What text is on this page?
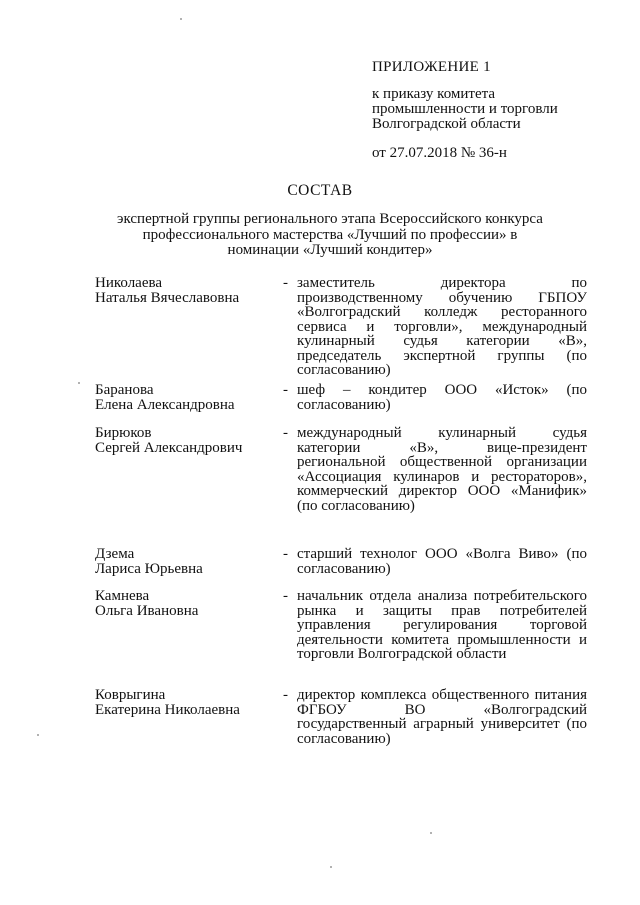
ПРИЛОЖЕНИЕ 1
к приказу комитета
промышленности и торговли
Волгоградской области
от 27.07.2018 № 36-н
СОСТАВ
экспертной группы регионального этапа Всероссийского конкурса профессионального мастерства «Лучший по профессии» в номинации «Лучший кондитер»
Николаева
Наталья Вячеславовна
- заместитель директора по производственному обучению ГБПОУ «Волгоградский колледж ресторанного сервиса и торговли», международный кулинарный судья категории «В», председатель экспертной группы (по согласованию)
Баранова
Елена Александровна
- шеф – кондитер ООО «Исток» (по согласованию)
Бирюков
Сергей Александрович
- международный кулинарный судья категории «В», вице-президент региональной общественной организации «Ассоциация кулинаров и рестораторов», коммерческий директор ООО «Манифик» (по согласованию)
Дзема
Лариса Юрьевна
- старший технолог ООО «Волга Виво» (по согласованию)
Камнева
Ольга Ивановна
- начальник отдела анализа потребительского рынка и защиты прав потребителей управления регулирования торговой деятельности комитета промышленности и торговли Волгоградской области
Коврыгина
Екатерина Николаевна
- директор комплекса общественного питания ФГБОУ ВО «Волгоградский государственный аграрный университет (по согласованию)
